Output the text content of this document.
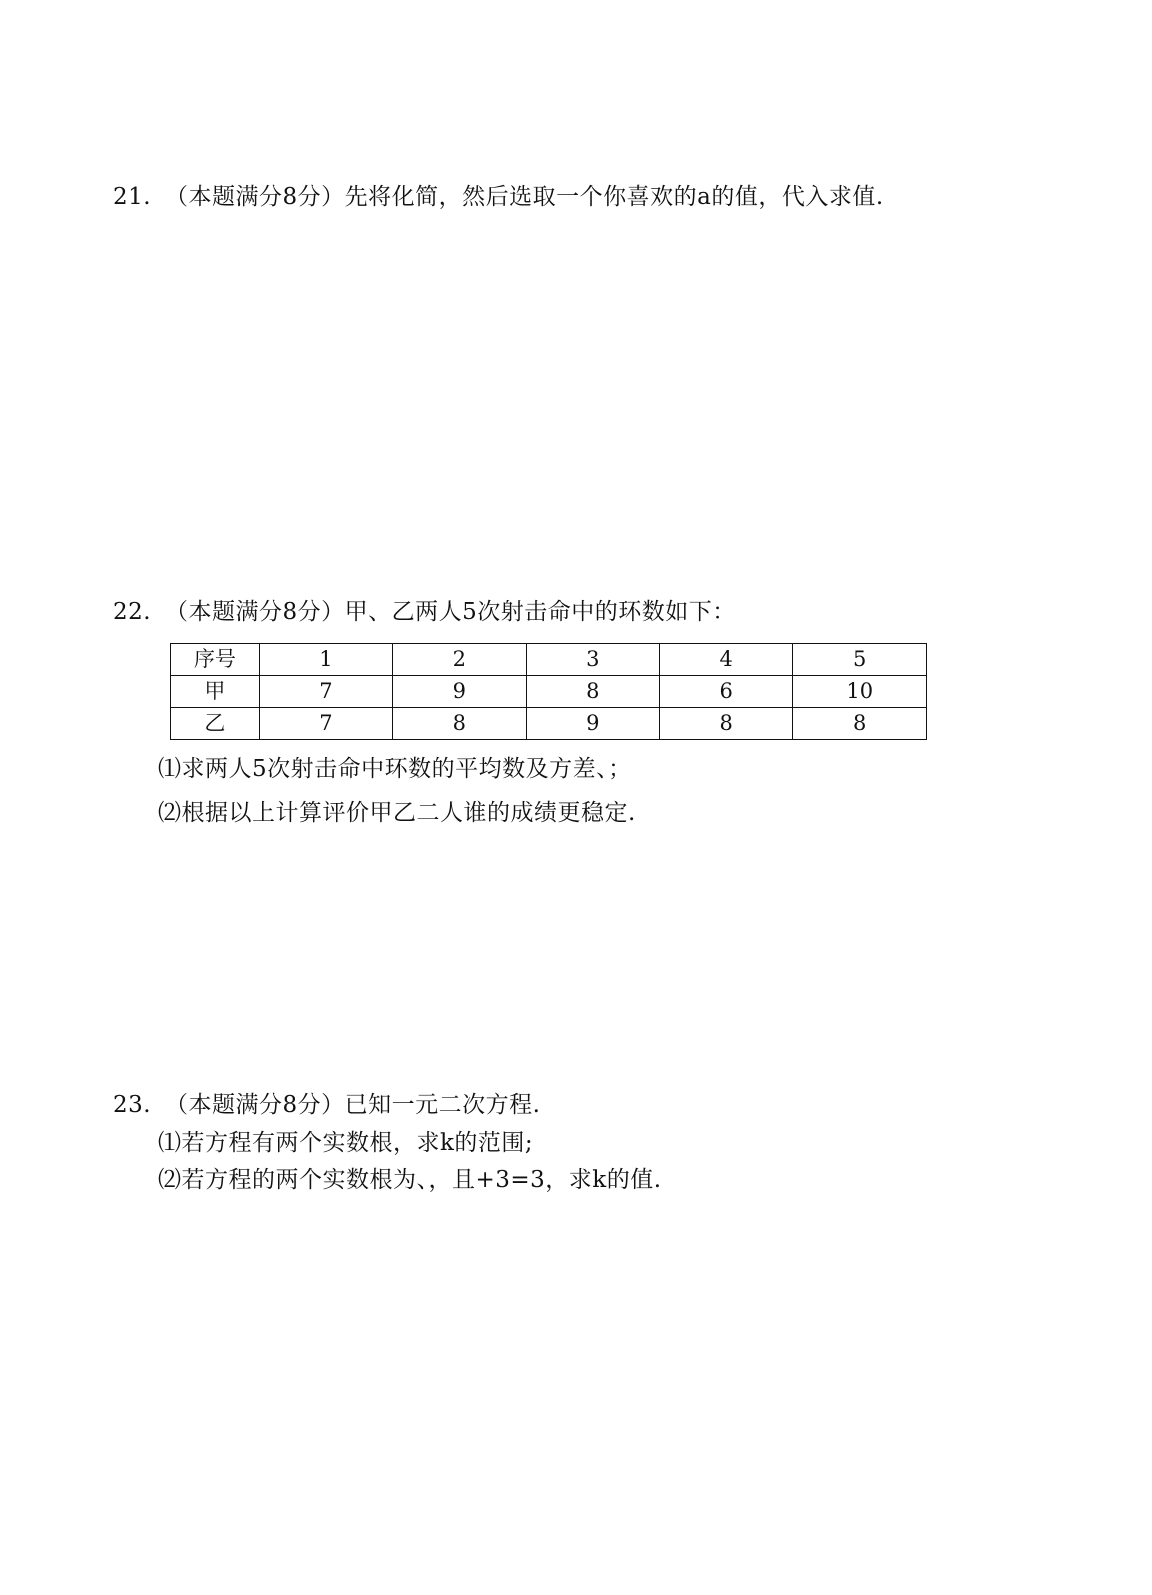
21. （本题满分8分）先将化简，然后选取一个你喜欢的a的值，代入求值.
22. （本题满分8分）甲、乙两人5次射击命中的环数如下：
序号	1	2	3	4	5
甲	7	9	8	6	10
乙	7	8	9	8	8
⑴求两人5次射击命中环数的平均数及方差、；
⑵根据以上计算评价甲乙二人谁的成绩更稳定.
23. （本题满分8分）已知一元二次方程.
⑴若方程有两个实数根，求k的范围;
⑵若方程的两个实数根为、，且+3=3，求k的值.
